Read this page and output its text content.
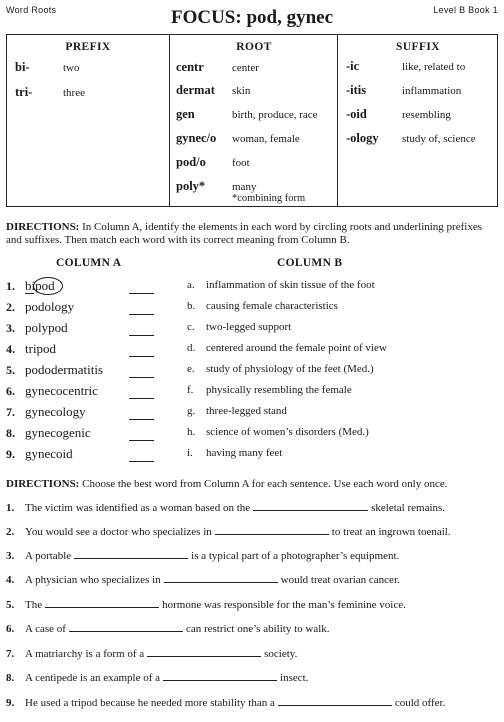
Word Roots	FOCUS: pod, gynec	Level B Book 1
PREFIX
bi-	two
tri-	three
ROOT
centr	center
dermat skin
gen	birth, produce, race
gynec/o woman, female
pod/o foot
poly* many
*combining form
SUFFIX
-ic	like, related to
-itis	inflammation
-oid	resembling
-ology study of, science
DIRECTIONS: In Column A, identify the elements in each word by circling roots and underlining prefixes and suffixes. Then match each word with its correct meaning from Column B.
COLUMN A
1. bipod
2. podology
3. polypod
4. tripod
5. pododermatitis
6. gynecocentric
7. gynecology
8. gynecogenic
9. gynecoid
COLUMN B
a. inflammation of skin tissue of the foot
b. causing female characteristics
c. two-legged support
d. centered around the female point of view
e. study of physiology of the feet (Med.)
f. physically resembling the female
g. three-legged stand
h. science of women’s disorders (Med.)
i. having many feet
DIRECTIONS: Choose the best word from Column A for each sentence. Use each word only once.
1. The victim was identified as a woman based on the	skeletal remains.
2. You would see a doctor who specializes in	to treat an ingrown toenail.
3. A portable	is a typical part of a photographer’s equipment.
4. A physician who specializes in	would treat ovarian cancer.
5. The	hormone was responsible for the man’s feminine voice.
6. A case of	can restrict one’s ability to walk.
7. A matriarchy is a form of a	society.
8. A centipede is an example of a	insect.
9. He used a tripod because he needed more stability than a	could offer.
